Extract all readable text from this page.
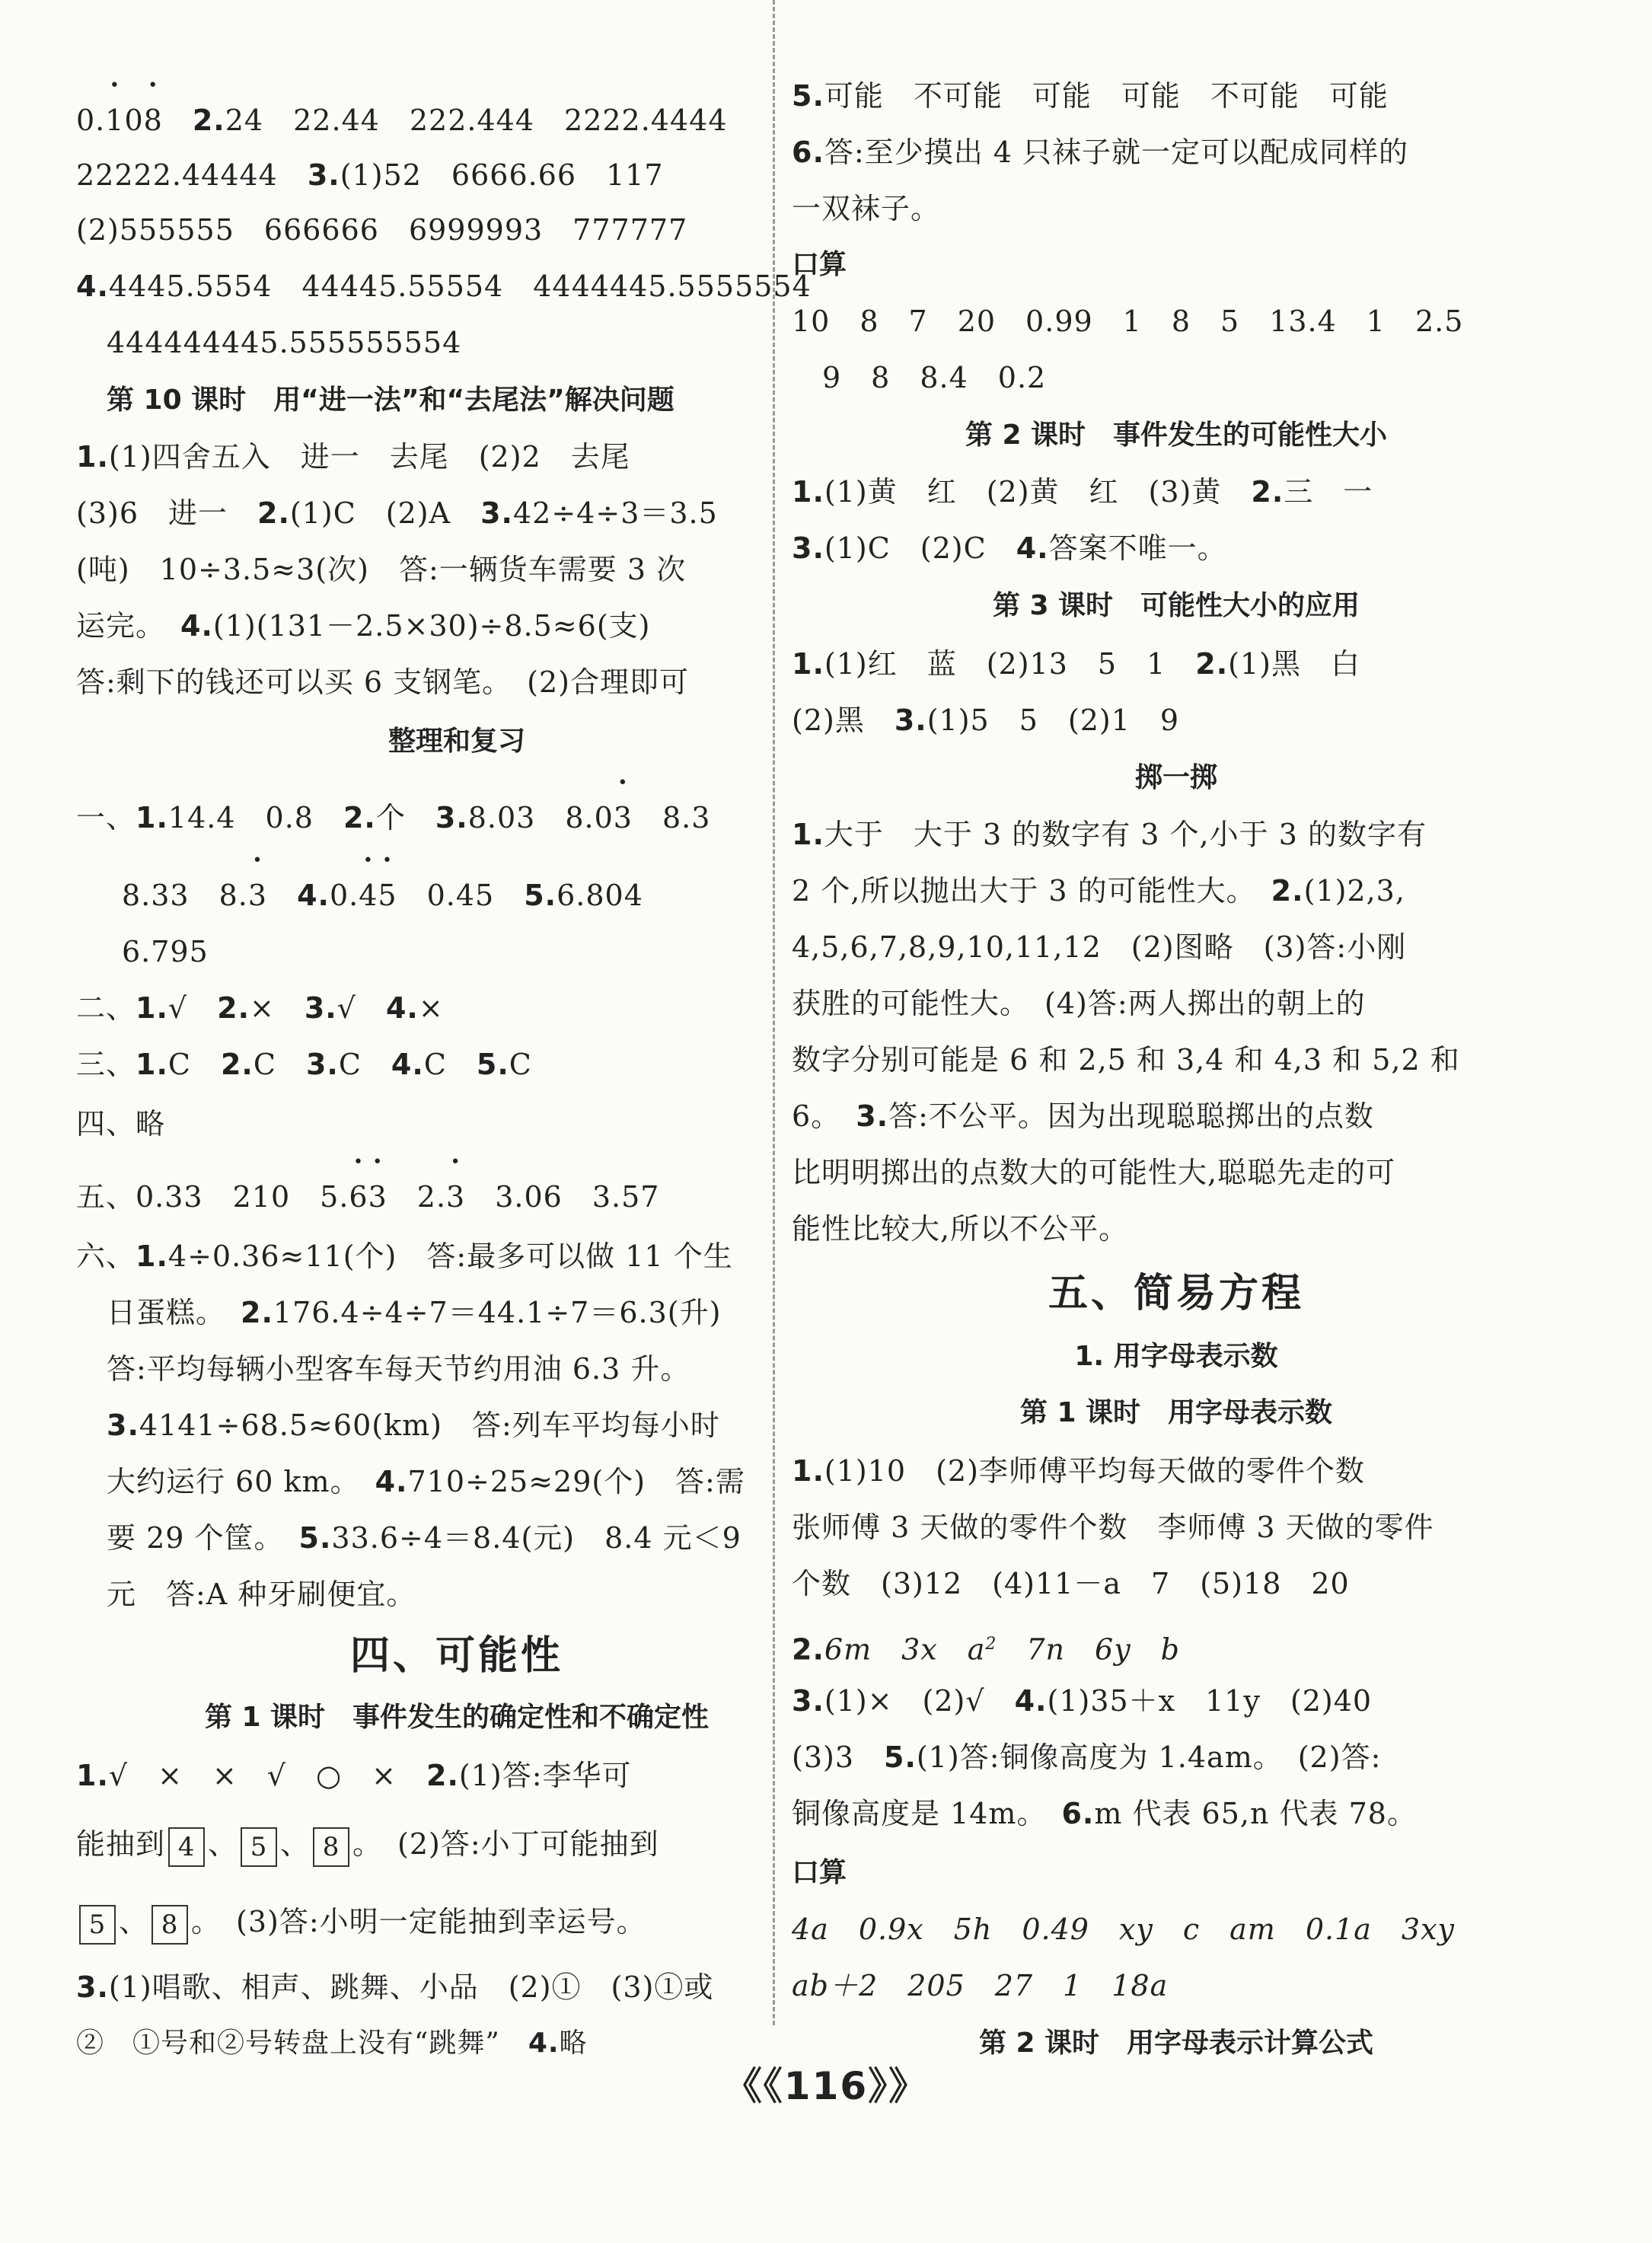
0.• 10• 8　 2.24　22.44　222.444　2222.4444
22222.44444　3.(1)52　6666.66　117
(2)555555　666666　6999993　777777
4.4445.5554　44445.55554　4444445.5555554
444444445.555555554
第 10 课时　用“进一法”和“去尾法”解决问题
1.(1)四舍五入　进一　去尾　(2)2　去尾
(3)6　进一　2.(1)C　(2)A　3.42÷4÷3＝3.5
(吨)　10÷3.5≈3(次)　答:一辆货车需要 3 次
运完。　4.(1)(131－2.5×30)÷8.5≈6(支)
答:剩下的钱还可以买 6 支钢笔。　(2)合理即可
整理和复习
一、1.14.4　0.8　2.个　3.8.03　8.0• 3　8.3
8.33　8.• 3　 4.0.• 4• 5　0.45　5.6.804
6.795
二、1.√　2.×　3.√　4.×
三、1.C　2.C　3.C　4.C　5.C
四、略
五、0.33　210　5.• 6• 3　2.• 3　3.06　3.57
六、1.4÷0.36≈11(个)　答:最多可以做 11 个生
日蛋糕。　2.176.4÷4÷7＝44.1÷7＝6.3(升)
答:平均每辆小型客车每天节约用油 6.3 升。
3.4141÷68.5≈60(km)　答:列车平均每小时
大约运行 60 km。　4.710÷25≈29(个)　答:需
要 29 个筐。　5.33.6÷4＝8.4(元)　8.4 元＜9
元　答:A 种牙刷便宜。
四、可能性
第 1 课时　事件发生的确定性和不确定性
1.√　×　×　√　○　×　2.(1)答:李华可
能抽到 4 、 5 、 8 。　(2)答:小丁可能抽到
5 、 8 。　(3)答:小明一定能抽到幸运号。
3.(1)唱歌、相声、跳舞、小品　(2)①　(3)①或
②　①号和②号转盘上没有“跳舞”　4.略
5.可能　不可能　可能　可能　不可能　可能
6.答:至少摸出 4 只袜子就一定可以配成同样的
一双袜子。
口算
10　8　7　20　0.99　1　8　5　13.4　1　2.5
9　8　8.4　0.2
第 2 课时　事件发生的可能性大小
1.(1)黄　红　(2)黄　红　(3)黄　2.三　一
3.(1)C　(2)C　4.答案不唯一。
第 3 课时　可能性大小的应用
1.(1)红　蓝　(2)13　5　1　2.(1)黑　白
(2)黑　3.(1)5　5　(2)1　9
掷一掷
1.大于　大于 3 的数字有 3 个,小于 3 的数字有
2 个,所以抛出大于 3 的可能性大。　2.(1)2,3,
4,5,6,7,8,9,10,11,12　(2)图略　(3)答:小刚
获胜的可能性大。　(4)答:两人掷出的朝上的
数字分别可能是 6 和 2,5 和 3,4 和 4,3 和 5,2 和
6。　3.答:不公平。因为出现聪聪掷出的点数
比明明掷出的点数大的可能性大,聪聪先走的可
能性比较大,所以不公平。
五、简易方程
1. 用字母表示数
第 1 课时　用字母表示数
1.(1)10　(2)李师傅平均每天做的零件个数
张师傅 3 天做的零件个数　李师傅 3 天做的零件
个数　(3)12　(4)11－a　7　(5)18　20
2.6m　3x　$a^2$　7n　6y　b
3.(1)×　(2)√　4.(1)35＋x　11y　(2)40
(3)3　5.(1)答:铜像高度为 1.4am。　(2)答:
铜像高度是 14m。　6.m 代表 65,n 代表 78。
口算
4a　0.9x　5h　0.49　xy　c　am　0.1a　3xy
ab＋2　205　27　1　18a
第 2 课时　用字母表示计算公式
《《116》》
